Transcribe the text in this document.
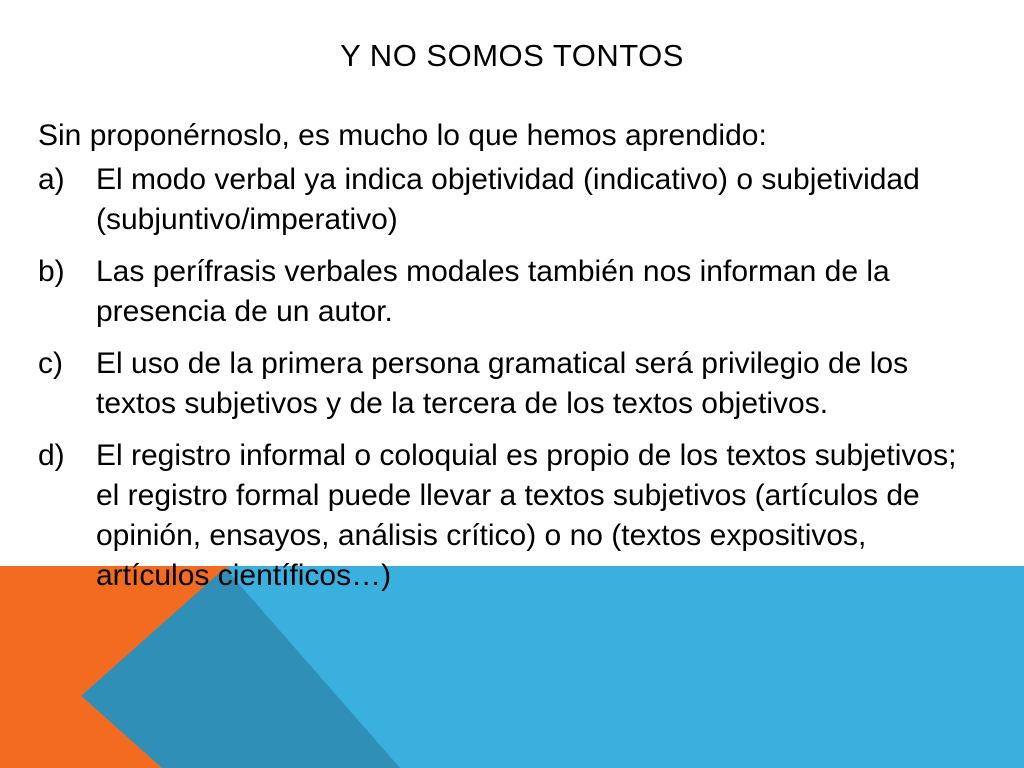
Y NO SOMOS TONTOS
Sin proponérnoslo, es mucho lo que hemos aprendido:
a)	El modo verbal ya indica objetividad (indicativo) o subjetividad (subjuntivo/imperativo)
b)	Las perífrasis verbales modales también nos informan de la presencia de un autor.
c)	El uso de la primera persona gramatical será privilegio de los textos subjetivos y de la tercera de los textos objetivos.
d)	El registro informal o coloquial es propio de los textos subjetivos; el registro formal puede llevar a textos subjetivos (artículos de opinión, ensayos, análisis crítico) o no (textos expositivos, artículos científicos…)
